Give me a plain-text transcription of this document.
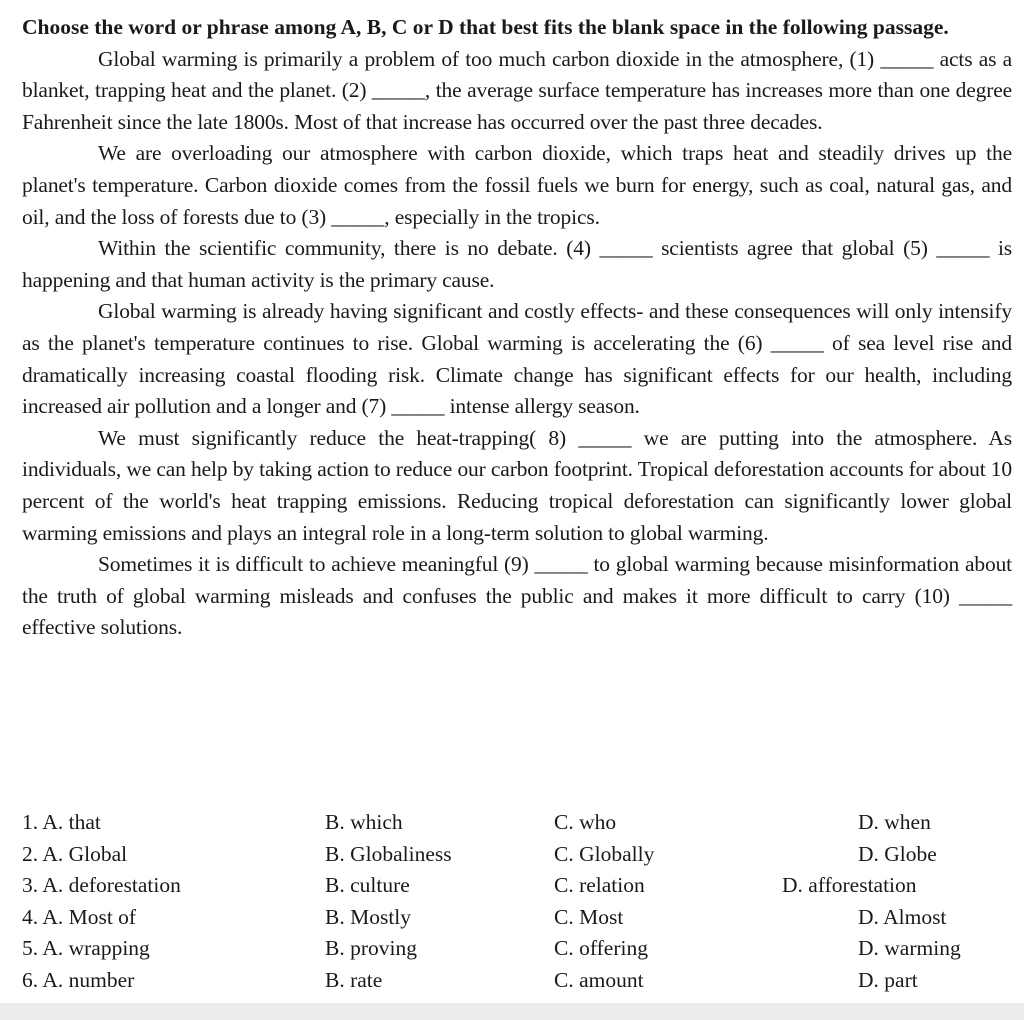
Choose the word or phrase among A, B, C or D that best fits the blank space in the following passage.

Global warming is primarily a problem of too much carbon dioxide in the atmosphere, (1) _____ acts as a blanket, trapping heat and the planet. (2) _____, the average surface temperature has increases more than one degree Fahrenheit since the late 1800s. Most of that increase has occurred over the past three decades.

We are overloading our atmosphere with carbon dioxide, which traps heat and steadily drives up the planet's temperature. Carbon dioxide comes from the fossil fuels we burn for energy, such as coal, natural gas, and oil, and the loss of forests due to (3) _____, especially in the tropics.

Within the scientific community, there is no debate. (4) _____ scientists agree that global (5) _____ is happening and that human activity is the primary cause.

Global warming is already having significant and costly effects- and these consequences will only intensify as the planet's temperature continues to rise. Global warming is accelerating the (6) _____ of sea level rise and dramatically increasing coastal flooding risk. Climate change has significant effects for our health, including increased air pollution and a longer and (7) _____ intense allergy season.

We must significantly reduce the heat-trapping( 8) _____ we are putting into the atmosphere. As individuals, we can help by taking action to reduce our carbon footprint. Tropical deforestation accounts for about 10 percent of the world's heat trapping emissions. Reducing tropical deforestation can significantly lower global warming emissions and plays an integral role in a long-term solution to global warming.

Sometimes it is difficult to achieve meaningful (9) _____ to global warming because misinformation about the truth of global warming misleads and confuses the public and makes it more difficult to carry (10) _____ effective solutions.

1. A. that	B. which	C. who	D. when
2. A. Global	B. Globaliness	C. Globally	D. Globe
3. A. deforestation	B. culture	C. relation	D. afforestation
4. A. Most of	B. Mostly	C. Most	D. Almost
5. A. wrapping	B. proving	C. offering	D. warming
6. A. number	B. rate	C. amount	D. part
